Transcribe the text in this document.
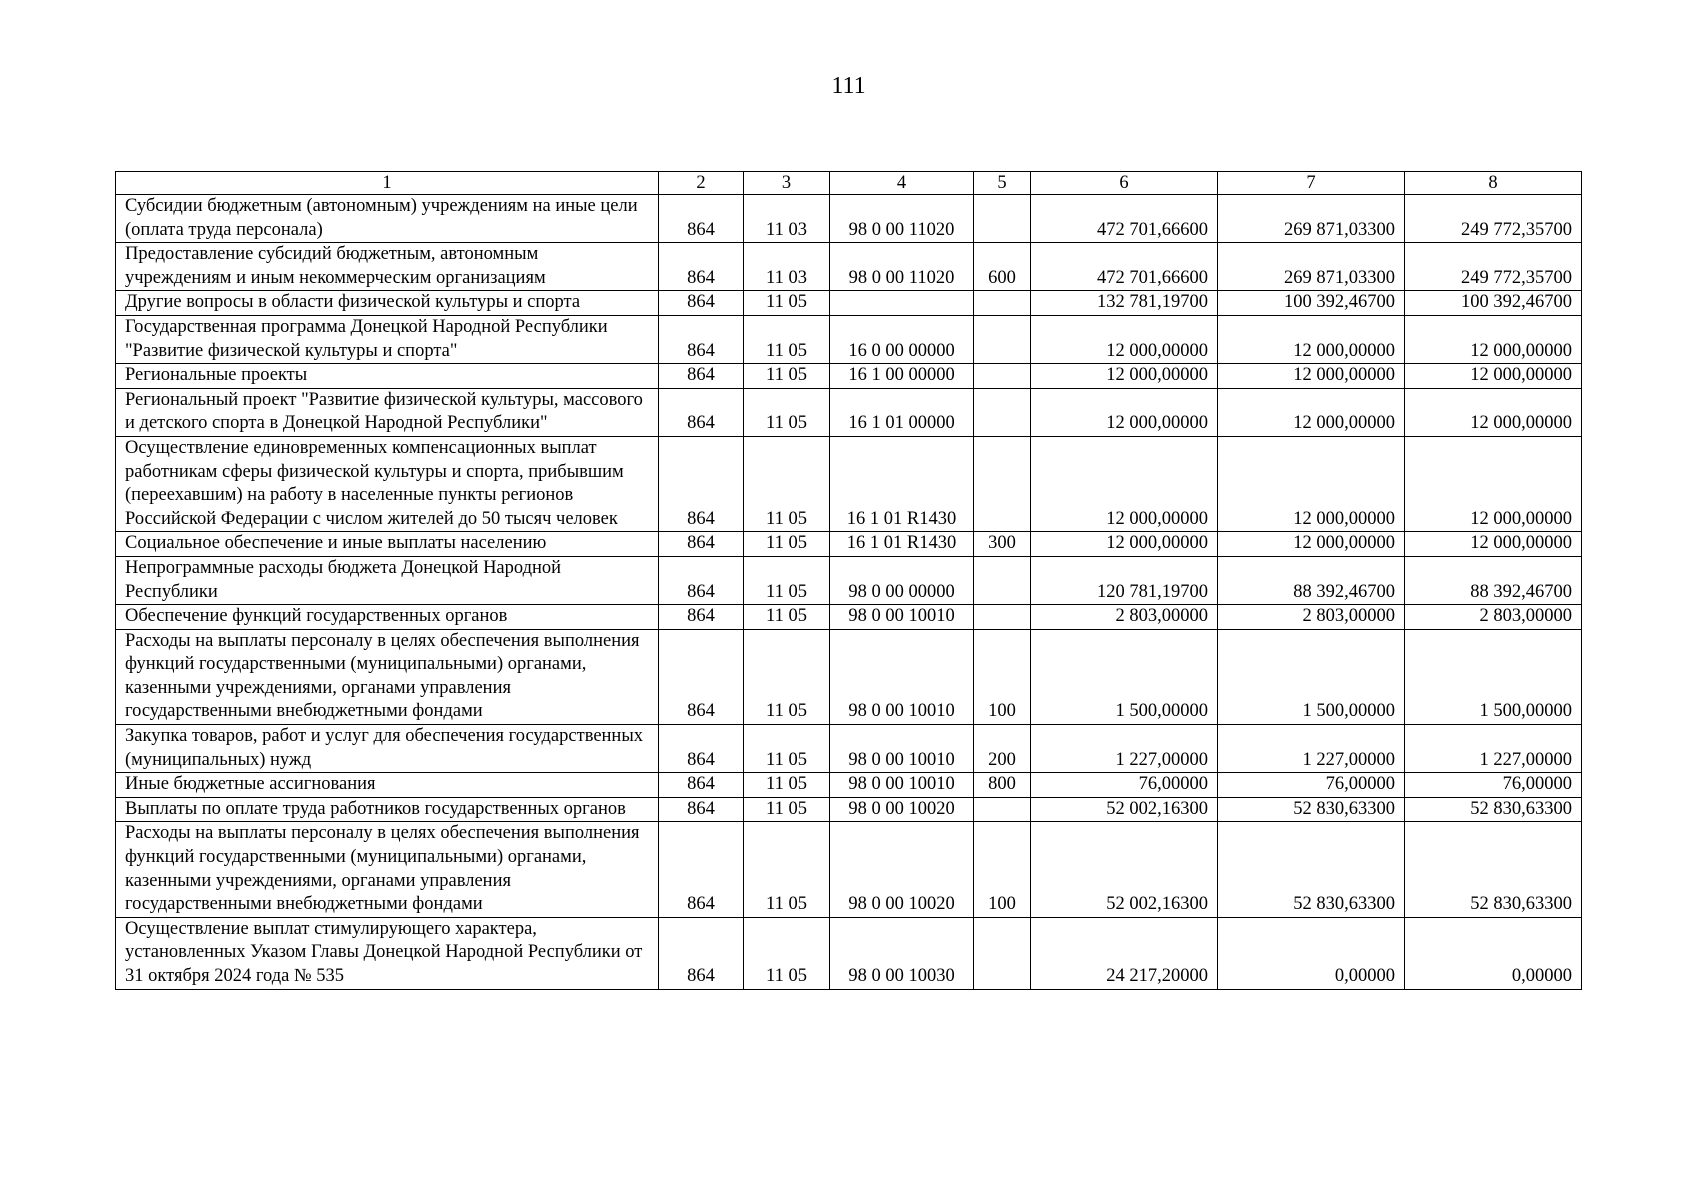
111
1	2	3	4	5	6	7	8
Субсидии бюджетным (автономным) учреждениям на иные цели (оплата труда персонала)	864	11 03	98 0 00 11020		472 701,66600	269 871,03300	249 772,35700
Предоставление субсидий бюджетным, автономным учреждениям и иным некоммерческим организациям	864	11 03	98 0 00 11020	600	472 701,66600	269 871,03300	249 772,35700
Другие вопросы в области физической культуры и спорта	864	11 05			132 781,19700	100 392,46700	100 392,46700
Государственная программа Донецкой Народной Республики "Развитие физической культуры и спорта"	864	11 05	16 0 00 00000		12 000,00000	12 000,00000	12 000,00000
Региональные проекты	864	11 05	16 1 00 00000		12 000,00000	12 000,00000	12 000,00000
Региональный проект "Развитие физической культуры, массового и детского спорта в Донецкой Народной Республики"	864	11 05	16 1 01 00000		12 000,00000	12 000,00000	12 000,00000
Осуществление единовременных компенсационных выплат работникам сферы физической культуры и спорта, прибывшим (переехавшим) на работу в населенные пункты регионов Российской Федерации с числом жителей до 50 тысяч человек	864	11 05	16 1 01 R1430		12 000,00000	12 000,00000	12 000,00000
Социальное обеспечение и иные выплаты населению	864	11 05	16 1 01 R1430	300	12 000,00000	12 000,00000	12 000,00000
Непрограммные расходы бюджета Донецкой Народной Республики	864	11 05	98 0 00 00000		120 781,19700	88 392,46700	88 392,46700
Обеспечение функций государственных органов	864	11 05	98 0 00 10010		2 803,00000	2 803,00000	2 803,00000
Расходы на выплаты персоналу в целях обеспечения выполнения функций государственными (муниципальными) органами, казенными учреждениями, органами управления государственными внебюджетными фондами	864	11 05	98 0 00 10010	100	1 500,00000	1 500,00000	1 500,00000
Закупка товаров, работ и услуг для обеспечения государственных (муниципальных) нужд	864	11 05	98 0 00 10010	200	1 227,00000	1 227,00000	1 227,00000
Иные бюджетные ассигнования	864	11 05	98 0 00 10010	800	76,00000	76,00000	76,00000
Выплаты по оплате труда работников государственных органов	864	11 05	98 0 00 10020		52 002,16300	52 830,63300	52 830,63300
Расходы на выплаты персоналу в целях обеспечения выполнения функций государственными (муниципальными) органами, казенными учреждениями, органами управления государственными внебюджетными фондами	864	11 05	98 0 00 10020	100	52 002,16300	52 830,63300	52 830,63300
Осуществление выплат стимулирующего характера, установленных Указом Главы Донецкой Народной Республики от 31 октября 2024 года № 535	864	11 05	98 0 00 10030		24 217,20000	0,00000	0,00000
